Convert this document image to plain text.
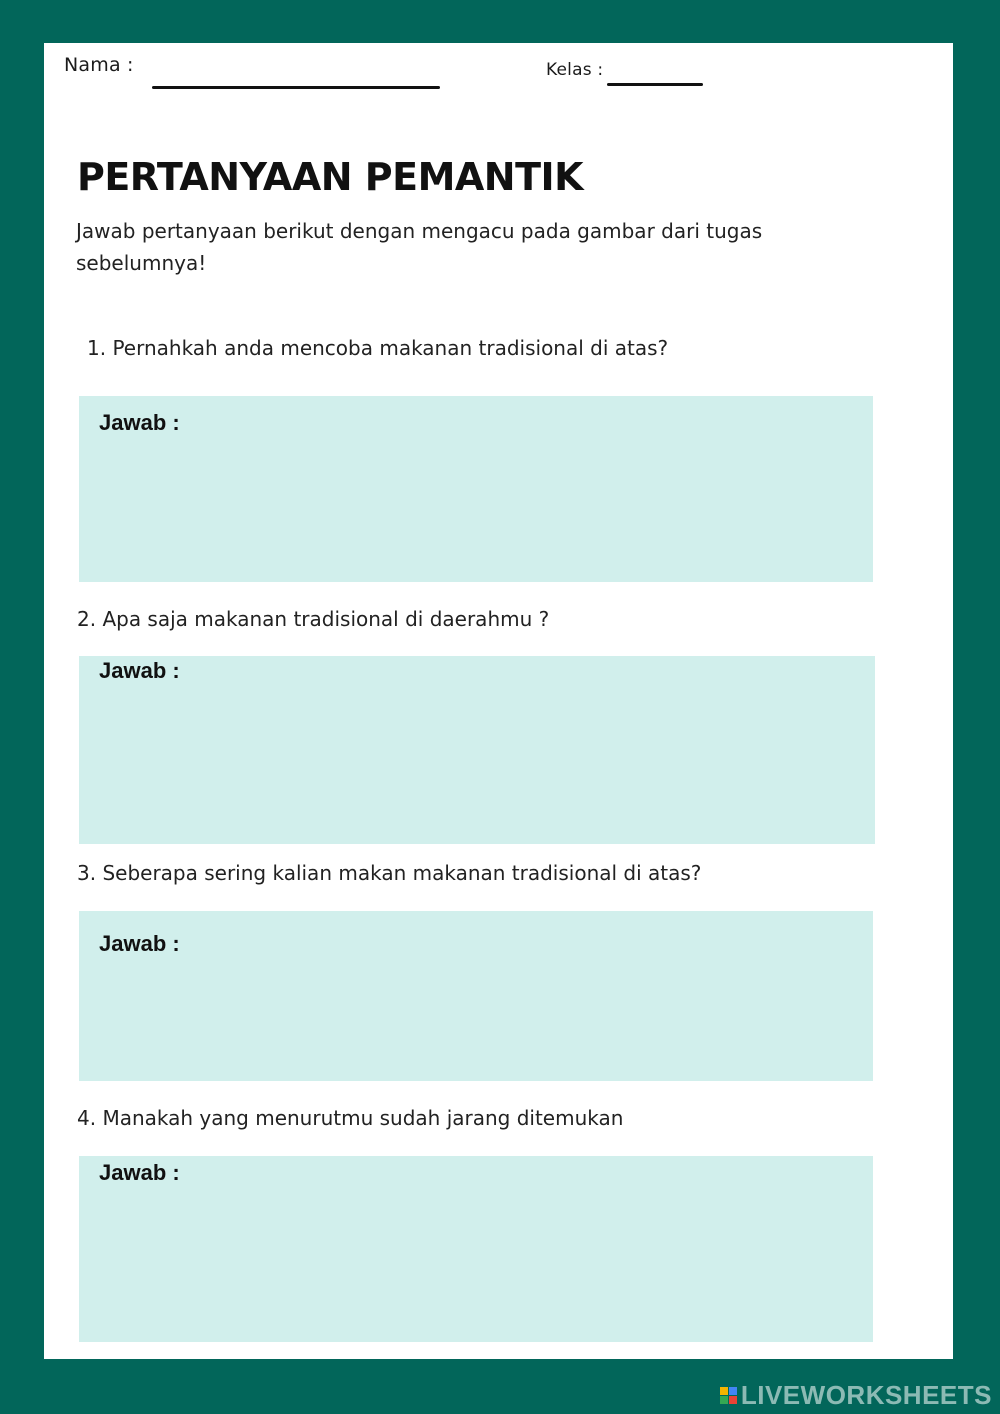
Nama :	Kelas :
PERTANYAAN PEMANTIK
Jawab pertanyaan berikut dengan mengacu pada gambar dari tugas sebelumnya!
1. Pernahkah anda mencoba makanan tradisional di atas?
Jawab :
2. Apa saja makanan tradisional di daerahmu ?
Jawab :
3. Seberapa sering kalian makan makanan tradisional di atas?
Jawab :
4. Manakah yang menurutmu sudah jarang ditemukan
Jawab :
LIVEWORKSHEETS
